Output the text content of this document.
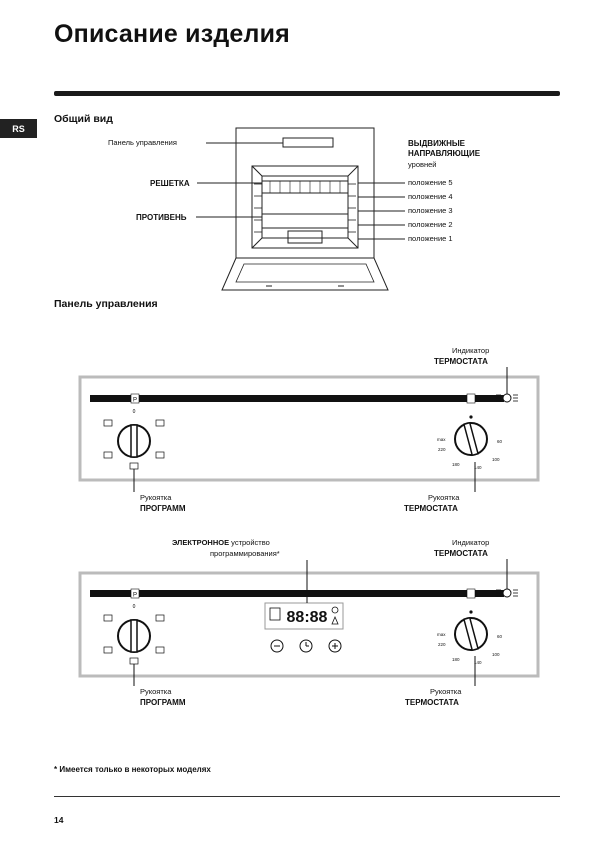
Описание изделия
RS
Общий вид
Панель управления
РЕШЕТКА
ПРОТИВЕНЬ
ВЫДВИЖНЫЕ
НАПРАВЛЯЮЩИЕ
уровней
положение 5
положение 4
положение 3
положение 2
положение 1
Панель управления
Индикатор
ТЕРМОСТАТА
Рукоятка
ПРОГРАММ
Рукоятка
ТЕРМОСТАТА
ЭЛЕКТРОННОЕ устройство
программирования*
Индикатор
ТЕРМОСТАТА
Рукоятка
ПРОГРАММ
Рукоятка
ТЕРМОСТАТА
P
0
max
220
180
140
100
60
P
0
88:88
max
220
180
140
100
60
* Имеется только в некоторых моделях
14
